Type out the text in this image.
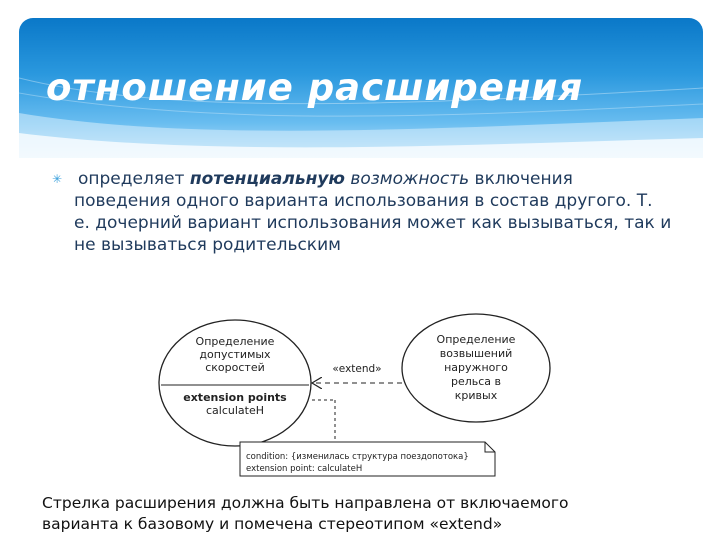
отношение расширения
✳ определяет потенциальную возможность включения поведения одного варианта использования в состав другого. Т. е. дочерний вариант использования может как вызываться, так и не вызываться родительским

Определение
допустимых
скоростей
extension points
calculateH
Определение
возвышений
наружного
рельса в
кривых
«extend»
condition: {изменилась структура поездопотока}
extension point: calculateH

Стрелка расширения должна быть направлена от включаемого

варианта к базовому и помечена стереотипом «extend»
